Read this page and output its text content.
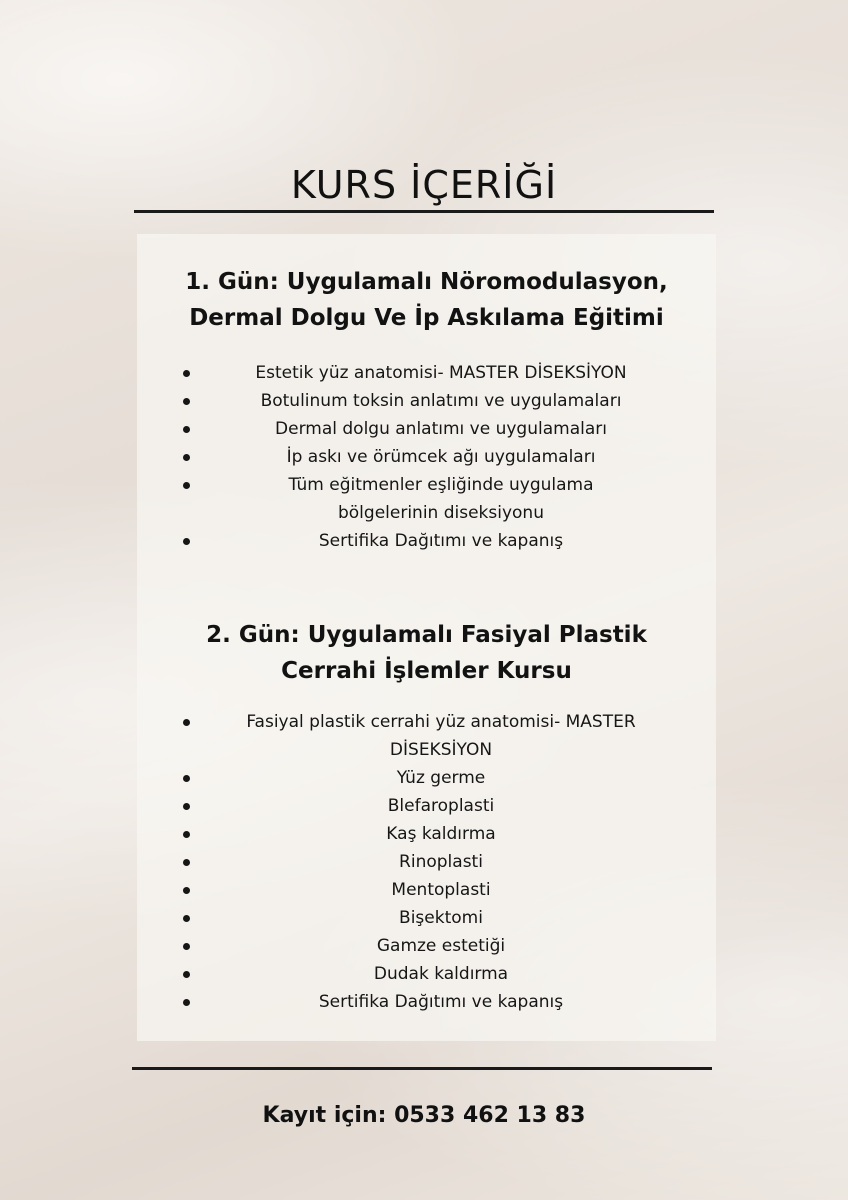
KURS İÇERİĞİ
1. Gün: Uygulamalı Nöromodulasyon,
Dermal Dolgu Ve İp Askılama Eğitimi
Estetik yüz anatomisi- MASTER DİSEKSİYON
Botulinum toksin anlatımı ve uygulamaları
Dermal dolgu anlatımı ve uygulamaları
İp askı ve örümcek ağı uygulamaları
Tüm eğitmenler eşliğinde uygulama bölgelerinin diseksiyonu
Sertifika Dağıtımı ve kapanış
2. Gün: Uygulamalı Fasiyal Plastik
Cerrahi İşlemler Kursu
Fasiyal plastik cerrahi yüz anatomisi- MASTER DİSEKSİYON
Yüz germe
Blefaroplasti
Kaş kaldırma
Rinoplasti
Mentoplasti
Bişektomi
Gamze estetiği
Dudak kaldırma
Sertifika Dağıtımı ve kapanış
Kayıt için: 0533 462 13 83
